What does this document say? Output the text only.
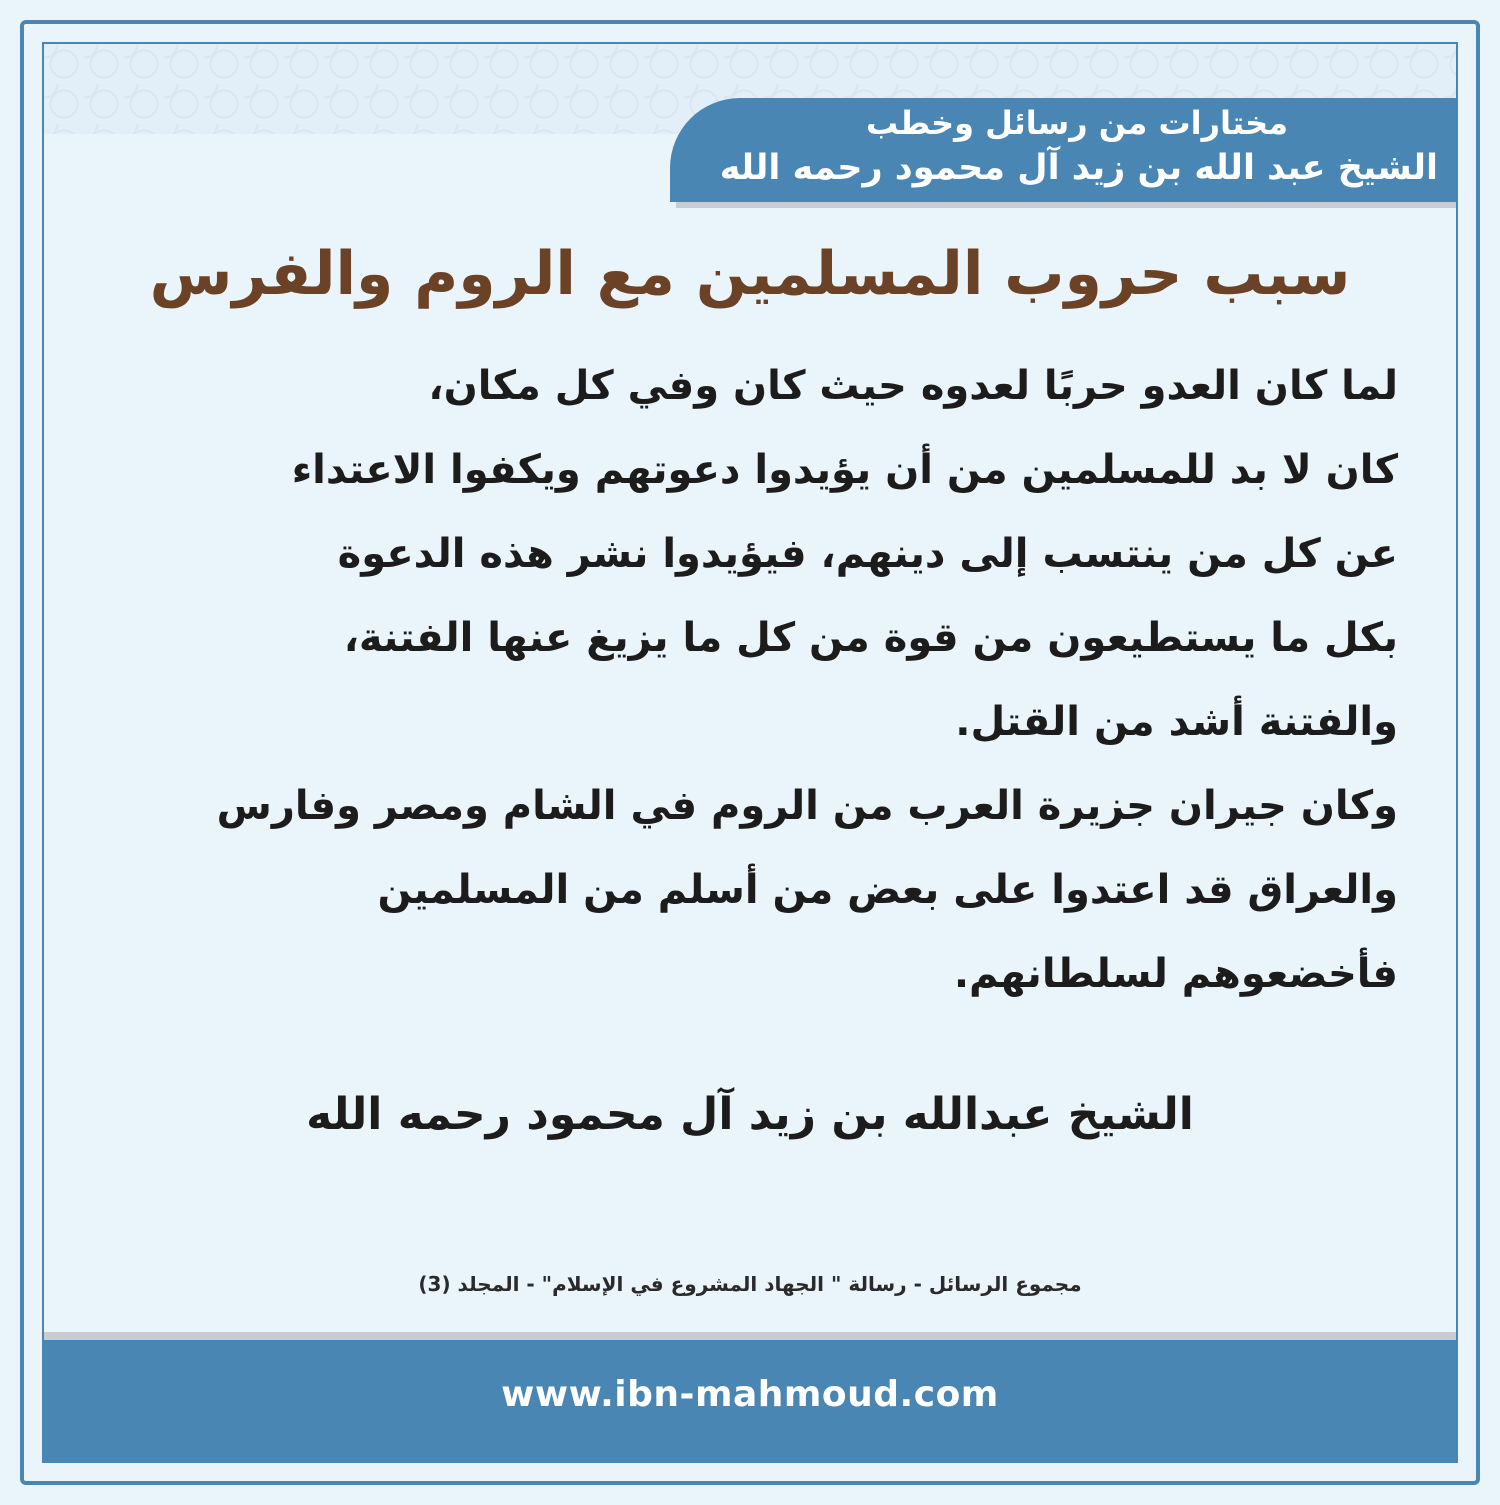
مختارات من رسائل وخطب
الشيخ عبد الله بن زيد آل محمود رحمه الله
سبب حروب المسلمين مع الروم والفرس
لما كان العدو حربًا لعدوه حيث كان وفي كل مكان،
كان لا بد للمسلمين من أن يؤيدوا دعوتهم ويكفوا الاعتداء
عن كل من ينتسب إلى دينهم، فيؤيدوا نشر هذه الدعوة
بكل ما يستطيعون من قوة من كل ما يزيغ عنها الفتنة،
والفتنة أشد من القتل.
وكان جيران جزيرة العرب من الروم في الشام ومصر وفارس
والعراق قد اعتدوا على بعض من أسلم من المسلمين
فأخضعوهم لسلطانهم.
الشيخ عبدالله بن زيد آل محمود رحمه الله
مجموع الرسائل - رسالة " الجهاد المشروع في الإسلام" - المجلد (3)
www.ibn-mahmoud.com
